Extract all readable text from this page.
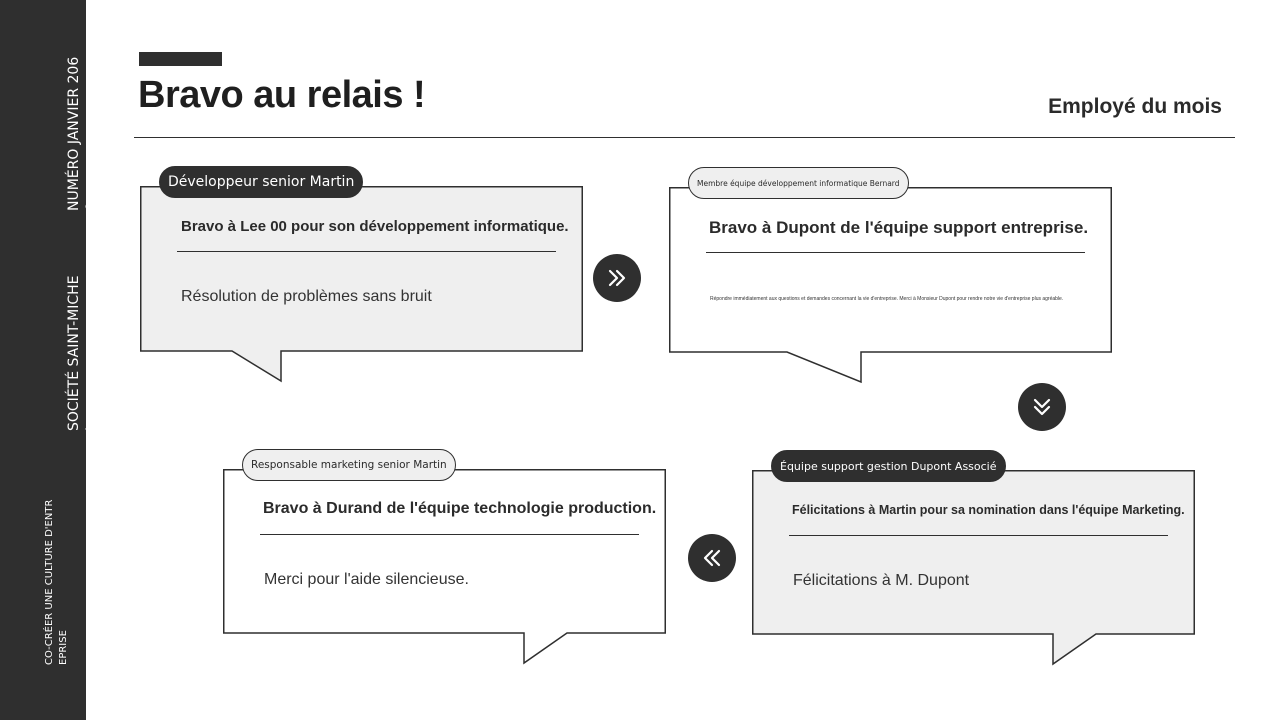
NUMÉRO JANVIER 206
0
SOCIÉTÉ SAINT-MICHE
L
CO-CRÉER UNE CULTURE D'ENTR
EPRISE
Bravo au relais !	Employé du mois
Développeur senior Martin
Bravo à Lee 00 pour son développement informatique.
Résolution de problèmes sans bruit
Membre équipe développement informatique Bernard
Bravo à Dupont de l'équipe support entreprise.
Répondre immédiatement aux questions et demandes concernant la vie d'entreprise. Merci à Monsieur Dupont pour rendre notre vie d'entreprise plus agréable.
Responsable marketing senior Martin
Bravo à Durand de l'équipe technologie production.
Merci pour l'aide silencieuse.
Équipe support gestion Dupont Associé
Félicitations à Martin pour sa nomination dans l'équipe Marketing.
Félicitations à M. Dupont
